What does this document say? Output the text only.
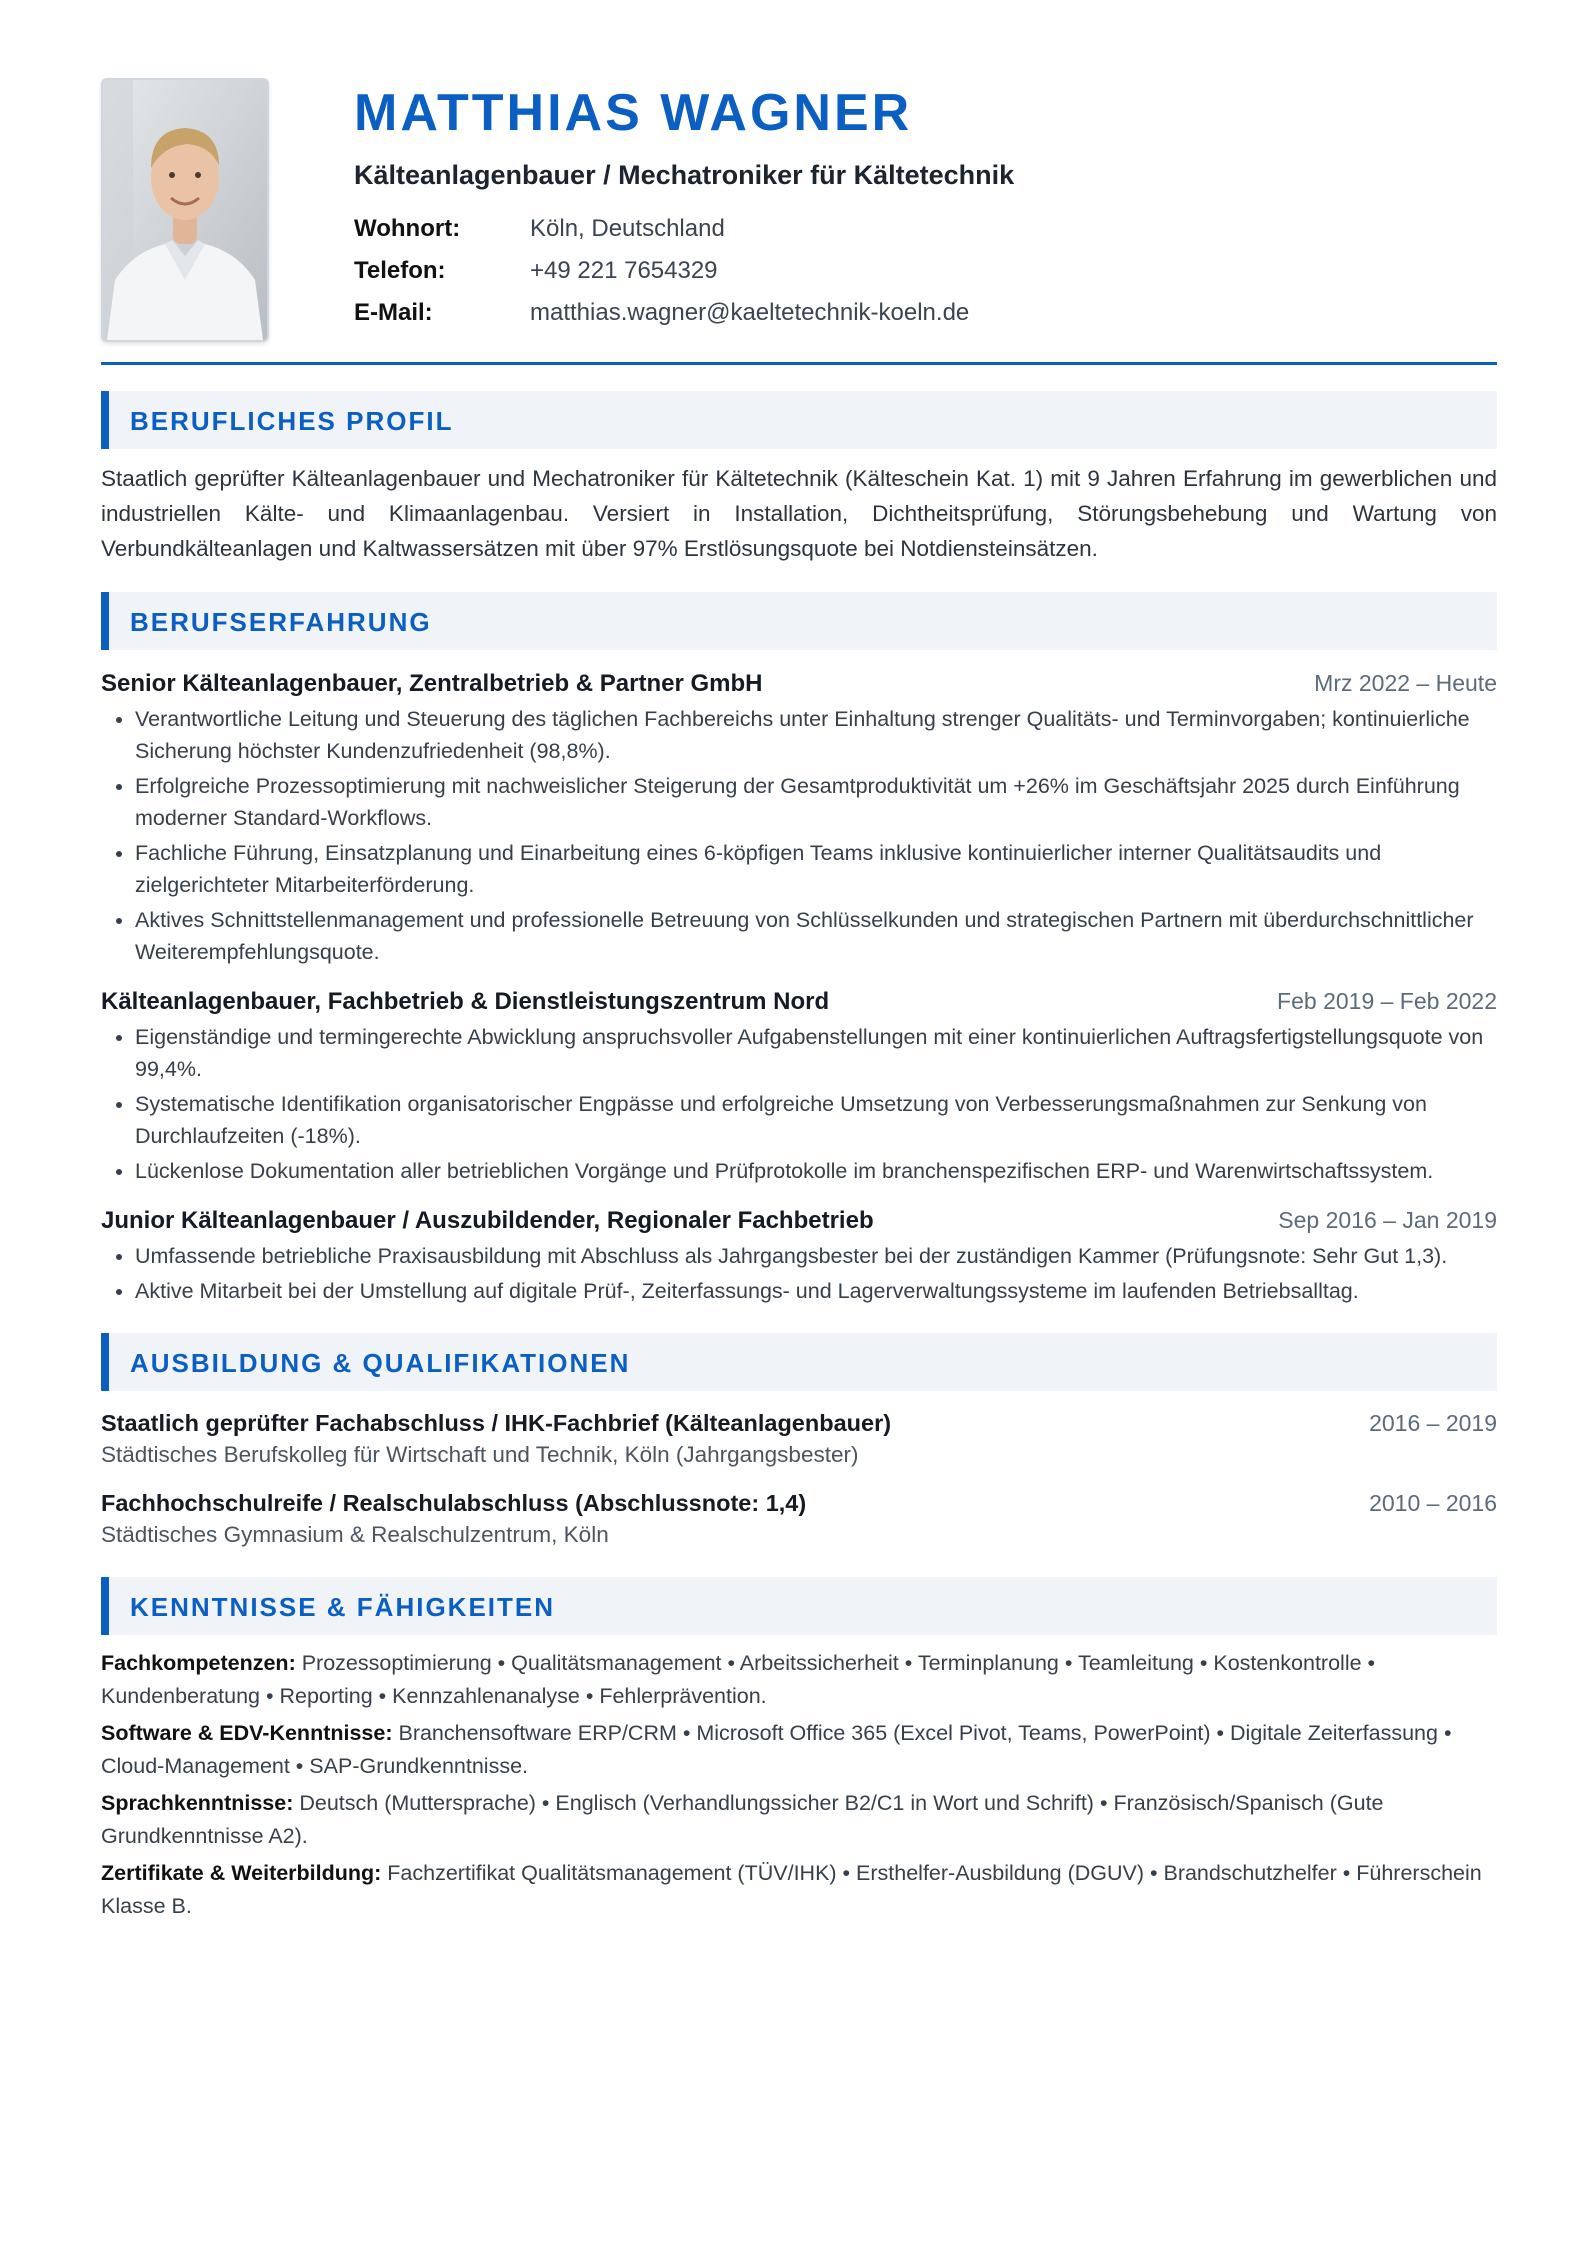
MATTHIAS WAGNER
Kälteanlagenbauer / Mechatroniker für Kältetechnik
Wohnort:	Köln, Deutschland
Telefon:	+49 221 7654329
E-Mail:	matthias.wagner@kaeltetechnik-koeln.de
BERUFLICHES PROFIL
Staatlich geprüfter Kälteanlagenbauer und Mechatroniker für Kältetechnik (Kälteschein Kat. 1) mit 9 Jahren Erfahrung im gewerblichen und industriellen Kälte- und Klimaanlagenbau. Versiert in Installation, Dichtheitsprüfung, Störungsbehebung und Wartung von Verbundkälteanlagen und Kaltwassersätzen mit über 97% Erstlösungsquote bei Notdiensteinsätzen.
BERUFSERFAHRUNG
Senior Kälteanlagenbauer, Zentralbetrieb & Partner GmbH	Mrz 2022 – Heute
• Verantwortliche Leitung und Steuerung des täglichen Fachbereichs unter Einhaltung strenger Qualitäts- und Terminvorgaben; kontinuierliche Sicherung höchster Kundenzufriedenheit (98,8%).
• Erfolgreiche Prozessoptimierung mit nachweislicher Steigerung der Gesamtproduktivität um +26% im Geschäftsjahr 2025 durch Einführung moderner Standard-Workflows.
• Fachliche Führung, Einsatzplanung und Einarbeitung eines 6-köpfigen Teams inklusive kontinuierlicher interner Qualitätsaudits und zielgerichteter Mitarbeiterförderung.
• Aktives Schnittstellenmanagement und professionelle Betreuung von Schlüsselkunden und strategischen Partnern mit überdurchschnittlicher Weiterempfehlungsquote.
Kälteanlagenbauer, Fachbetrieb & Dienstleistungszentrum Nord	Feb 2019 – Feb 2022
• Eigenständige und termingerechte Abwicklung anspruchsvoller Aufgabenstellungen mit einer kontinuierlichen Auftragsfertigstellungsquote von 99,4%.
• Systematische Identifikation organisatorischer Engpässe und erfolgreiche Umsetzung von Verbesserungsmaßnahmen zur Senkung von Durchlaufzeiten (-18%).
• Lückenlose Dokumentation aller betrieblichen Vorgänge und Prüfprotokolle im branchenspezifischen ERP- und Warenwirtschaftssystem.
Junior Kälteanlagenbauer / Auszubildender, Regionaler Fachbetrieb	Sep 2016 – Jan 2019
• Umfassende betriebliche Praxisausbildung mit Abschluss als Jahrgangsbester bei der zuständigen Kammer (Prüfungsnote: Sehr Gut 1,3).
• Aktive Mitarbeit bei der Umstellung auf digitale Prüf-, Zeiterfassungs- und Lagerverwaltungssysteme im laufenden Betriebsalltag.
AUSBILDUNG & QUALIFIKATIONEN
Staatlich geprüfter Fachabschluss / IHK-Fachbrief (Kälteanlagenbauer)	2016 – 2019
Städtisches Berufskolleg für Wirtschaft und Technik, Köln (Jahrgangsbester)
Fachhochschulreife / Realschulabschluss (Abschlussnote: 1,4)	2010 – 2016
Städtisches Gymnasium & Realschulzentrum, Köln
KENNTNISSE & FÄHIGKEITEN
Fachkompetenzen: Prozessoptimierung • Qualitätsmanagement • Arbeitssicherheit • Terminplanung • Teamleitung • Kostenkontrolle • Kundenberatung • Reporting • Kennzahlenanalyse • Fehlerprävention.
Software & EDV-Kenntnisse: Branchensoftware ERP/CRM • Microsoft Office 365 (Excel Pivot, Teams, PowerPoint) • Digitale Zeiterfassung • Cloud-Management • SAP-Grundkenntnisse.
Sprachkenntnisse: Deutsch (Muttersprache) • Englisch (Verhandlungssicher B2/C1 in Wort und Schrift) • Französisch/Spanisch (Gute Grundkenntnisse A2).
Zertifikate & Weiterbildung: Fachzertifikat Qualitätsmanagement (TÜV/IHK) • Ersthelfer-Ausbildung (DGUV) • Brandschutzhelfer • Führerschein Klasse B.
